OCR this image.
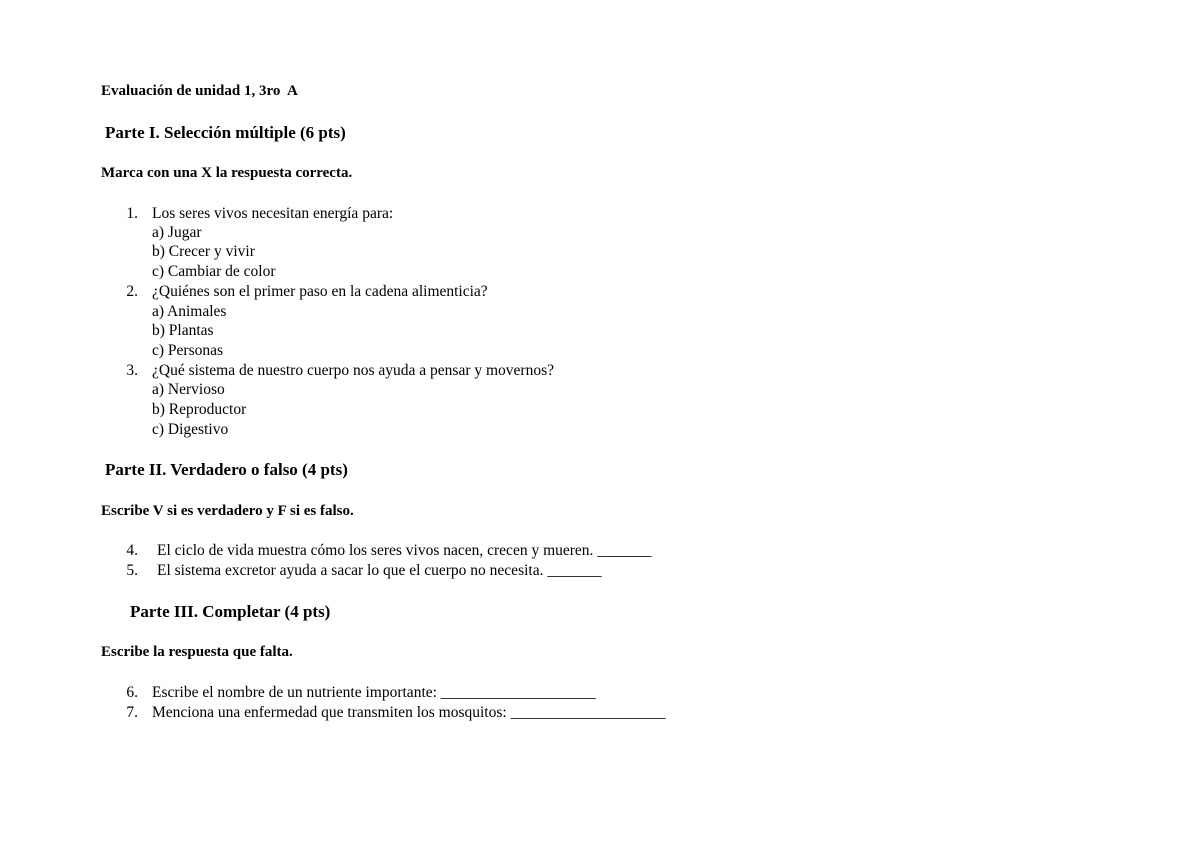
Evaluación de unidad 1, 3ro  A
Parte I. Selección múltiple (6 pts)
Marca con una X la respuesta correcta.
1. Los seres vivos necesitan energía para:
a) Jugar
b) Crecer y vivir
c) Cambiar de color
2. ¿Quiénes son el primer paso en la cadena alimenticia?
a) Animales
b) Plantas
c) Personas
3. ¿Qué sistema de nuestro cuerpo nos ayuda a pensar y movernos?
a) Nervioso
b) Reproductor
c) Digestivo
Parte II. Verdadero o falso (4 pts)
Escribe V si es verdadero y F si es falso.
4. El ciclo de vida muestra cómo los seres vivos nacen, crecen y mueren. _______
5. El sistema excretor ayuda a sacar lo que el cuerpo no necesita. _______
Parte III. Completar (4 pts)
Escribe la respuesta que falta.
6. Escribe el nombre de un nutriente importante: ____________________
7. Menciona una enfermedad que transmiten los mosquitos: ____________________
